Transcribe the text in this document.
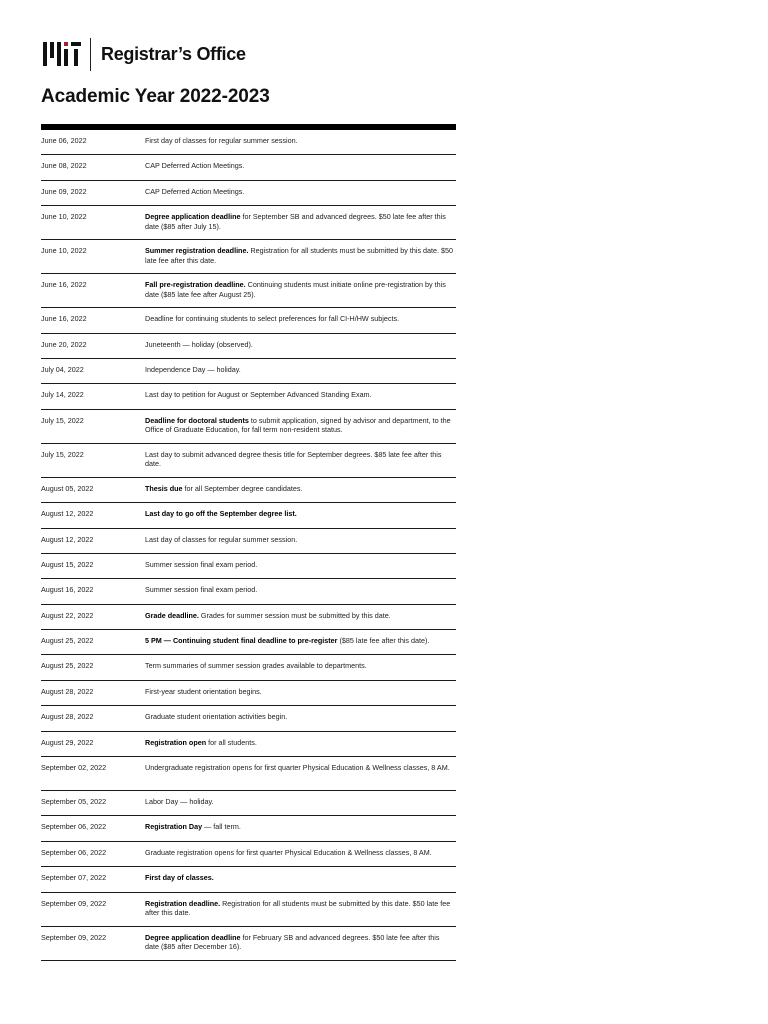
Registrar’s Office
Academic Year 2022-2023
June 06, 2022	First day of classes for regular summer session.
June 08, 2022	CAP Deferred Action Meetings.
June 09, 2022	CAP Deferred Action Meetings.
June 10, 2022	Degree application deadline for September SB and advanced degrees. $50 late fee after this date ($85 after July 15).
June 10, 2022	Summer registration deadline. Registration for all students must be submitted by this date. $50 late fee after this date.
June 16, 2022	Fall pre-registration deadline. Continuing students must initiate online pre-registration by this date ($85 late fee after August 25).
June 16, 2022	Deadline for continuing students to select preferences for fall CI-H/HW subjects.
June 20, 2022	Juneteenth — holiday (observed).
July 04, 2022	Independence Day — holiday.
July 14, 2022	Last day to petition for August or September Advanced Standing Exam.
July 15, 2022	Deadline for doctoral students to submit application, signed by advisor and department, to the Office of Graduate Education, for fall term non-resident status.
July 15, 2022	Last day to submit advanced degree thesis title for September degrees. $85 late fee after this date.
August 05, 2022	Thesis due for all September degree candidates.
August 12, 2022	Last day to go off the September degree list.
August 12, 2022	Last day of classes for regular summer session.
August 15, 2022	Summer session final exam period.
August 16, 2022	Summer session final exam period.
August 22, 2022	Grade deadline. Grades for summer session must be submitted by this date.
August 25, 2022	5 PM — Continuing student final deadline to pre-register ($85 late fee after this date).
August 25, 2022	Term summaries of summer session grades available to departments.
August 28, 2022	First-year student orientation begins.
August 28, 2022	Graduate student orientation activities begin.
August 29, 2022	Registration open for all students.
September 02, 2022	Undergraduate registration opens for first quarter Physical Education & Wellness classes, 8 AM.
September 05, 2022	Labor Day — holiday.
September 06, 2022	Registration Day — fall term.
September 06, 2022	Graduate registration opens for first quarter Physical Education & Wellness classes, 8 AM.
September 07, 2022	First day of classes.
September 09, 2022	Registration deadline. Registration for all students must be submitted by this date. $50 late fee after this date.
September 09, 2022	Degree application deadline for February SB and advanced degrees. $50 late fee after this date ($85 after December 16).
